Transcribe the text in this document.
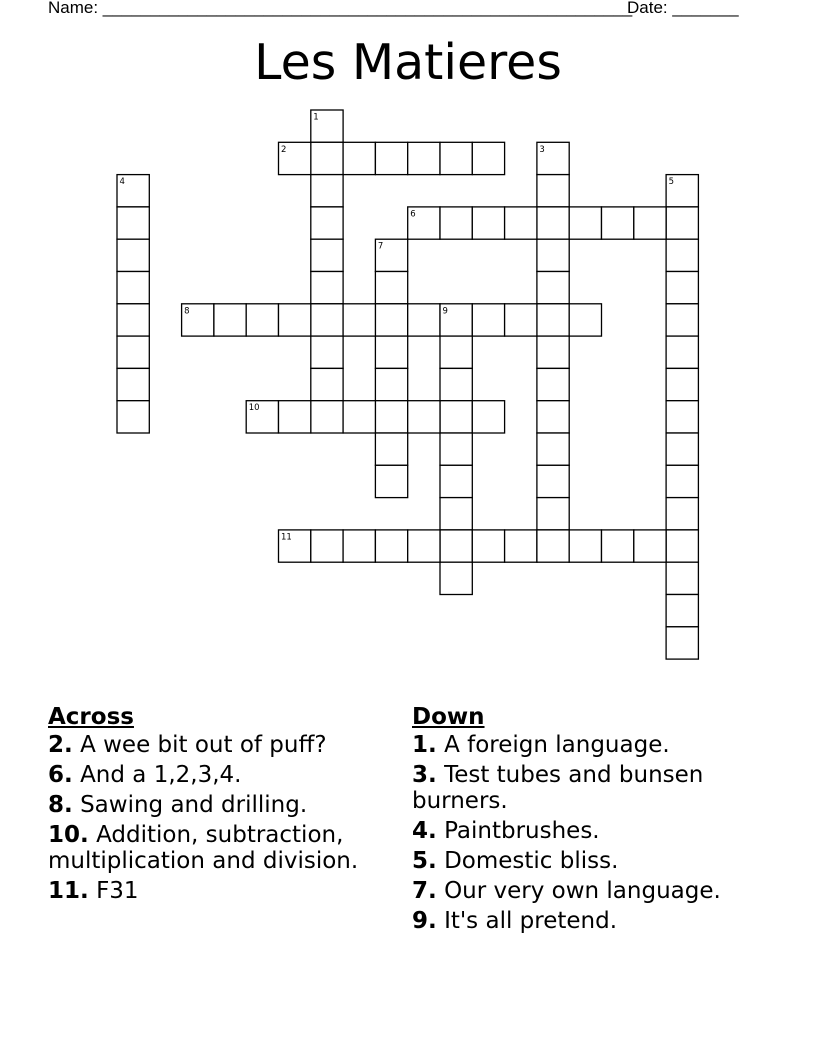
Name: ________________________________________________________
Date: _______
Les Matieres
1
2	3
4	5
6
7
8	9
10
11
Across

2. A wee bit out of puff?

6. And a 1,2,3,4.

8. Sawing and drilling.

10. Addition, subtraction, multiplication and division.

11. F31

Down

1. A foreign language.

3. Test tubes and bunsen burners.

4. Paintbrushes.

5. Domestic bliss.

7. Our very own language.

9. It's all pretend.
